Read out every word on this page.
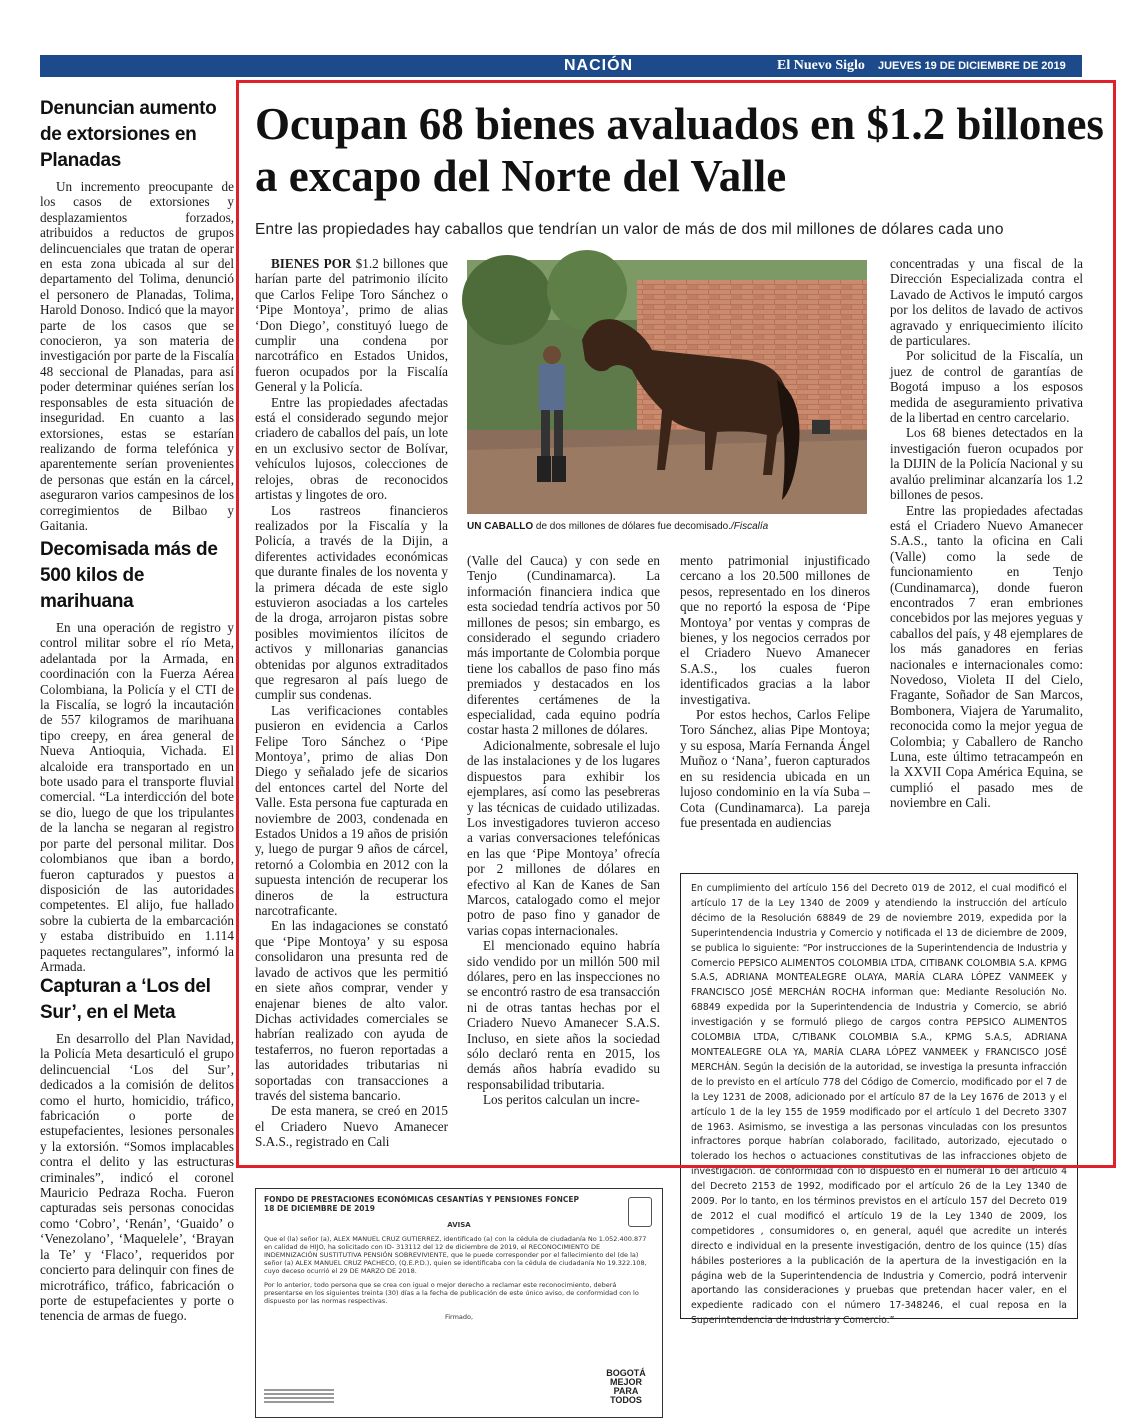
NACIÓN	El Nuevo Siglo JUEVES 19 DE DICIEMBRE DE 2019 9B
Denuncian aumento de extorsiones en Planadas

Un incremento preocupante de los casos de extorsiones y desplazamientos forzados, atribuidos a reductos de grupos delincuenciales que tratan de operar en esta zona ubicada al sur del departamento del Tolima, denunció el personero de Planadas, Tolima, Harold Donoso. Indicó que la mayor parte de los casos que se conocieron, ya son materia de investigación por parte de la Fiscalía 48 seccional de Planadas, para así poder determinar quiénes serían los responsables de esta situación de inseguridad. En cuanto a las extorsiones, estas se estarían realizando de forma telefónica y aparentemente serían provenientes de personas que están en la cárcel, aseguraron varios campesinos de los corregimientos de Bilbao y Gaitania.

Decomisada más de 500 kilos de marihuana

En una operación de registro y control militar sobre el río Meta, adelantada por la Armada, en coordinación con la Fuerza Aérea Colombiana, la Policía y el CTI de la Fiscalía, se logró la incautación de 557 kilogramos de marihuana tipo creepy, en área general de Nueva Antioquia, Vichada. El alcaloide era transportado en un bote usado para el transporte fluvial comercial. “La interdicción del bote se dio, luego de que los tripulantes de la lancha se negaran al registro por parte del personal militar. Dos colombianos que iban a bordo, fueron capturados y puestos a disposición de las autoridades competentes. El alijo, fue hallado sobre la cubierta de la embarcación y estaba distribuido en 1.114 paquetes rectangulares”, informó la Armada.

Capturan a ‘Los del Sur’, en el Meta

En desarrollo del Plan Navidad, la Policía Meta desarticuló el grupo delincuencial ‘Los del Sur’, dedicados a la comisión de delitos como el hurto, homicidio, tráfico, fabricación o porte de estupefacientes, lesiones personales y la extorsión. “Somos implacables contra el delito y las estructuras criminales”, indicó el coronel Mauricio Pedraza Rocha. Fueron capturadas seis personas conocidas como ‘Cobro’, ‘Renán’, ‘Guaido’ o ‘Venezolano’, ‘Maquelele’, ‘Brayan la Te’ y ‘Flaco’, requeridos por concierto para delinquir con fines de microtráfico, tráfico, fabricación o porte de estupefacientes y porte o tenencia de armas de fuego.

Ocupan 68 bienes avaluados en $1.2 billones a excapo del Norte del Valle
Entre las propiedades hay caballos que tendrían un valor de más de dos mil millones de dólares cada uno

BIENES POR $1.2 billones que harían parte del patrimonio ilícito que Carlos Felipe Toro Sánchez o ‘Pipe Montoya’, primo de alias ‘Don Diego’, constituyó luego de cumplir una condena por narcotráfico en Estados Unidos, fueron ocupados por la Fiscalía General y la Policía.

Entre las propiedades afectadas está el considerado segundo mejor criadero de caballos del país, un lote en un exclusivo sector de Bolívar, vehículos lujosos, colecciones de relojes, obras de reconocidos artistas y lingotes de oro.

Los rastreos financieros realizados por la Fiscalía y la Policía, a través de la Dijin, a diferentes actividades económicas que durante finales de los noventa y la primera década de este siglo estuvieron asociadas a los carteles de la droga, arrojaron pistas sobre posibles movimientos ilícitos de activos y millonarias ganancias obtenidas por algunos extraditados que regresaron al país luego de cumplir sus condenas.

Las verificaciones contables pusieron en evidencia a Carlos Felipe Toro Sánchez o ‘Pipe Montoya’, primo de alias Don Diego y señalado jefe de sicarios del entonces cartel del Norte del Valle. Esta persona fue capturada en noviembre de 2003, condenada en Estados Unidos a 19 años de prisión y, luego de purgar 9 años de cárcel, retornó a Colombia en 2012 con la supuesta intención de recuperar los dineros de la estructura narcotraficante.

En las indagaciones se constató que ‘Pipe Montoya’ y su esposa consolidaron una presunta red de lavado de activos que les permitió en siete años comprar, vender y enajenar bienes de alto valor. Dichas actividades comerciales se habrían realizado con ayuda de testaferros, no fueron reportadas a las autoridades tributarias ni soportadas con transacciones a través del sistema bancario.

De esta manera, se creó en 2015 el Criadero Nuevo Amanecer S.A.S., registrado en Cali

UN CABALLO de dos millones de dólares fue decomisado./Fiscalía

(Valle del Cauca) y con sede en Tenjo (Cundinamarca). La información financiera indica que esta sociedad tendría activos por 50 millones de pesos; sin embargo, es considerado el segundo criadero más importante de Colombia porque tiene los caballos de paso fino más premiados y destacados en los diferentes certámenes de la especialidad, cada equino podría costar hasta 2 millones de dólares.

Adicionalmente, sobresale el lujo de las instalaciones y de los lugares dispuestos para exhibir los ejemplares, así como las pesebreras y las técnicas de cuidado utilizadas. Los investigadores tuvieron acceso a varias conversaciones telefónicas en las que ‘Pipe Montoya’ ofrecía por 2 millones de dólares en efectivo al Kan de Kanes de San Marcos, catalogado como el mejor potro de paso fino y ganador de varias copas internacionales.

El mencionado equino habría sido vendido por un millón 500 mil dólares, pero en las inspecciones no se encontró rastro de esa transacción ni de otras tantas hechas por el Criadero Nuevo Amanecer S.A.S. Incluso, en siete años la sociedad sólo declaró renta en 2015, los demás años habría evadido su responsabilidad tributaria.

Los peritos calculan un incre-

mento patrimonial injustificado cercano a los 20.500 millones de pesos, representado en los dineros que no reportó la esposa de ‘Pipe Montoya’ por ventas y compras de bienes, y los negocios cerrados por el Criadero Nuevo Amanecer S.A.S., los cuales fueron identificados gracias a la labor investigativa.

Por estos hechos, Carlos Felipe Toro Sánchez, alias Pipe Montoya; y su esposa, María Fernanda Ángel Muñoz o ‘Nana’, fueron capturados en su residencia ubicada en un lujoso condominio en la vía Suba – Cota (Cundinamarca). La pareja fue presentada en audiencias

concentradas y una fiscal de la Dirección Especializada contra el Lavado de Activos le imputó cargos por los delitos de lavado de activos agravado y enriquecimiento ilícito de particulares.

Por solicitud de la Fiscalía, un juez de control de garantías de Bogotá impuso a los esposos medida de aseguramiento privativa de la libertad en centro carcelario.

Los 68 bienes detectados en la investigación fueron ocupados por la DIJIN de la Policía Nacional y su avalúo preliminar alcanzaría los 1.2 billones de pesos.

Entre las propiedades afectadas está el Criadero Nuevo Amanecer S.A.S., tanto la oficina en Cali (Valle) como la sede de funcionamiento en Tenjo (Cundinamarca), donde fueron encontrados 7 eran embriones concebidos por las mejores yeguas y caballos del país, y 48 ejemplares de los más ganadores en ferias nacionales e internacionales como: Novedoso, Violeta II del Cielo, Fragante, Soñador de San Marcos, Bombonera, Viajera de Yarumalito, reconocida como la mejor yegua de Colombia; y Caballero de Rancho Luna, este último tetracampeón en la XXVII Copa América Equina, se cumplió el pasado mes de noviembre en Cali.

En cumplimiento del artículo 156 del Decreto 019 de 2012, el cual modificó el artículo 17 de la Ley 1340 de 2009 y atendiendo la instrucción del artículo décimo de la Resolución 68849 de 29 de noviembre 2019, expedida por la Superintendencia Industria y Comercio y notificada el 13 de diciembre de 2009, se publica lo siguiente: “Por instrucciones de la Superintendencia de Industria y Comercio PEPSICO ALIMENTOS COLOMBIA LTDA, CITIBANK COLOMBIA S.A. KPMG S.A.S, ADRIANA MONTEALEGRE OLAYA, MARÍA CLARA LÓPEZ VANMEEK y FRANCISCO JOSÉ MERCHÁN ROCHA informan que: Mediante Resolución No. 68849 expedida por la Superintendencia de Industria y Comercio, se abrió investigación y se formuló pliego de cargos contra PEPSICO ALIMENTOS COLOMBIA LTDA, C/TIBANK COLOMBIA S.A., KPMG S.A.S, ADRIANA MONTEALEGRE OLA YA, MARÍA CLARA LÓPEZ VANMEEK y FRANCISCO JOSÉ MERCHÁN. Según la decisión de la autoridad, se investiga la presunta infracción de lo previsto en el artículo 778 del Código de Comercio, modificado por el 7 de la Ley 1231 de 2008, adicionado por el artículo 87 de la Ley 1676 de 2013 y el artículo 1 de la ley 155 de 1959 modificado por el artículo 1 del Decreto 3307 de 1963. Asimismo, se investiga a las personas vinculadas con los presuntos infractores porque habrían colaborado, facilitado, autorizado, ejecutado o tolerado los hechos o actuaciones constitutivas de las infracciones objeto de investigación. de conformidad con lo dispuesto en el numeral 16 del artículo 4 del Decreto 2153 de 1992, modificado por el artículo 26 de la Ley 1340 de 2009. Por lo tanto, en los términos previstos en el artículo 157 del Decreto 019 de 2012 el cual modificó el artículo 19 de la Ley 1340 de 2009, los competidores , consumidores o, en general, aquél que acredite un interés directo e individual en la presente investigación, dentro de los quince (15) días hábiles posteriores a la publicación de la apertura de la investigación en la página web de la Superintendencia de Industria y Comercio, podrá intervenir aportando las consideraciones y pruebas que pretendan hacer valer, en el expediente radicado con el número 17-348246, el cual reposa en la Superintendencia de Industria y Comercio.”
FONDO DE PRESTACIONES ECONÓMICAS CESANTÍAS Y PENSIONES FONCEP
18 DE DICIEMBRE DE 2019
AVISA
Que el (la) señor (a), ALEX MANUEL CRUZ GUTIERREZ, identificado (a) con la cédula de ciudadanía No 1.052.400.877 en calidad de HIJO, ha solicitado con ID- 313112 del 12 de diciembre de 2019, el RECONOCIMIENTO DE INDEMNIZACIÓN SUSTITUTIVA PENSIÓN SOBREVIVIENTE, que le puede corresponder por el fallecimiento del (de la) señor (a) ALEX MANUEL CRUZ PACHECO, (Q.E.P.D.), quien se identificaba con la cédula de ciudadanía No 19.322.108, cuyo deceso ocurrió el 29 DE MARZO DE 2018.
Por lo anterior, todo persona que se crea con igual o mejor derecho a reclamar este reconocimiento, deberá presentarse en los siguientes treinta (30) días a la fecha de publicación de este único aviso, de conformidad con lo dispuesto por las normas respectivas.
Firmado,
BOGOTÁ MEJOR PARA TODOS
